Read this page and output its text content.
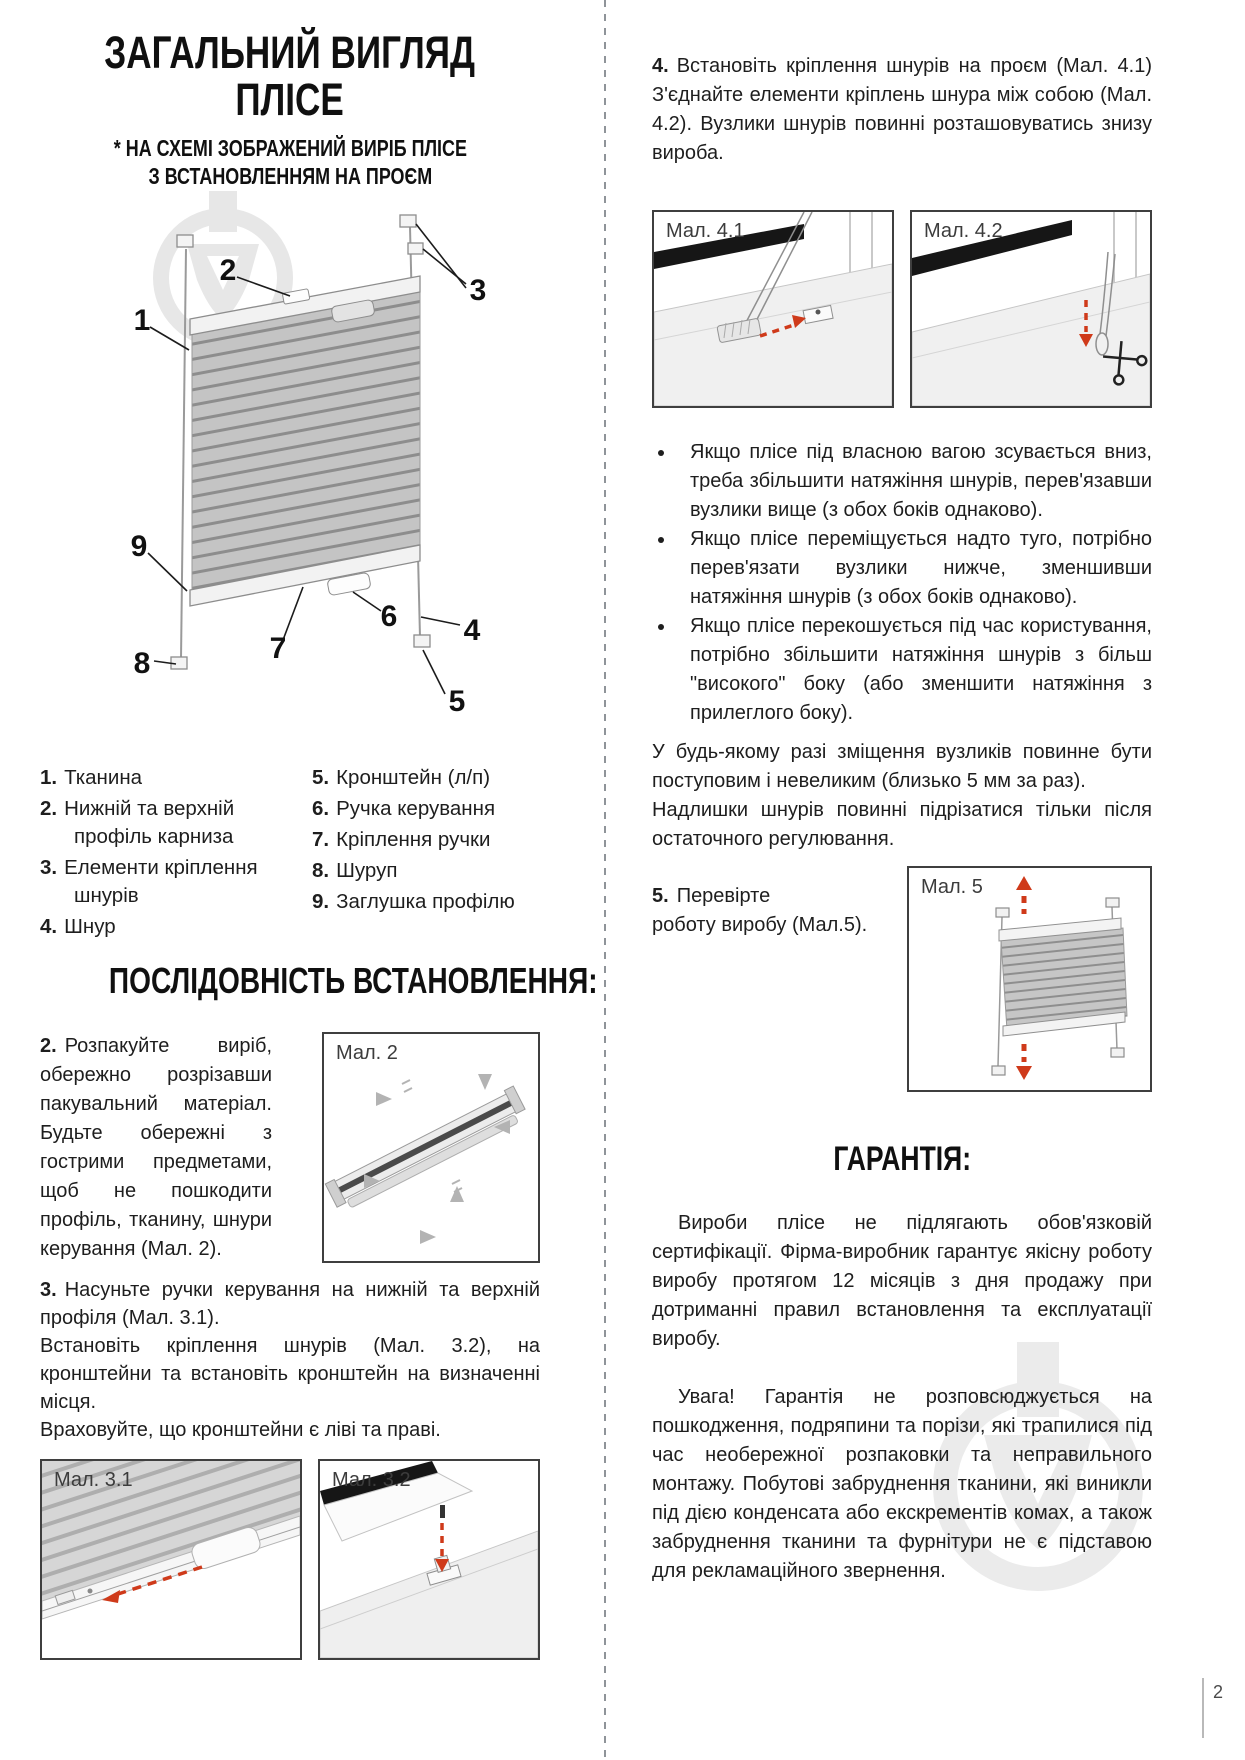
ЗАГАЛЬНИЙ ВИГЛЯД
ПЛІСЕ
* НА СХЕМІ ЗОБРАЖЕНИЙ ВИРІБ ПЛІСЕ
З ВСТАНОВЛЕННЯМ НА ПРОЄМ
1
2
3
4
5
6
7
8
9
1. Тканина
2. Нижній та верхній профіль карниза
3. Елементи кріплення шнурів
4. Шнур
5. Кронштейн (л/п)
6. Ручка керування
7. Кріплення ручки
8. Шуруп
9. Заглушка профілю
ПОСЛІДОВНІСТЬ ВСТАНОВЛЕННЯ:

2. Розпакуйте виріб, обережно розрізавши пакувальний матеріал. Будьте обережні з гострими предметами, щоб не пошкодити профіль, тканину, шнури керування (Мал. 2).

Мал. 2

3. Насуньте ручки керування на нижній та верхній профіля (Мал. 3.1).

Встановіть кріплення шнурів (Мал. 3.2), на кронштейни та встановіть кронштейн на визначенні місця.

Враховуйте, що кронштейни є ліві та праві.

Мал. 3.1	Мал. 3.2

4. Встановіть кріплення шнурів на проєм (Мал. 4.1) З'єднайте елементи кріплень шнура між собою (Мал. 4.2). Вузлики шнурів повинні розташовуватись знизу вироба.

Мал. 4.1	Мал. 4.2
• Якщо плісе під власною вагою зсувається вниз, треба збільшити натяжіння шнурів, перев'язавши вузлики вище (з обох боків однаково).
• Якщо плісе переміщується надто туго, потрібно перев'язати вузлики нижче, зменшивши натяжіння шнурів (з обох боків однаково).
• Якщо плісе перекошується під час користування, потрібно збільшити натяжіння шнурів з більш "високого" боку (або зменшити натяжіння з прилеглого боку).

У будь-якому разі зміщення вузликів повинне бути поступовим і невеликим (близько 5 мм за раз).

Надлишки шнурів повинні підрізатися тільки після остаточного регулювання.

5. Перевірте
роботу виробу (Мал.5).

Мал. 5
ГАРАНТІЯ:

Вироби плісе не підлягають обов'язковій сертифікації. Фірма-виробник гарантує якісну роботу виробу протягом 12 місяців з дня продажу при дотриманні правил встановлення та експлуатації виробу.

Увага! Гарантія не розповсюджується на пошкодження, подряпини та порізи, які трапилися під час необережної розпаковки та неправильного монтажу. Побутові забруднення тканини, які виникли під дією конденсата або екскрементів комах, а також забруднення тканини та фурнітури не є підставою для рекламаційного звернення.

2
